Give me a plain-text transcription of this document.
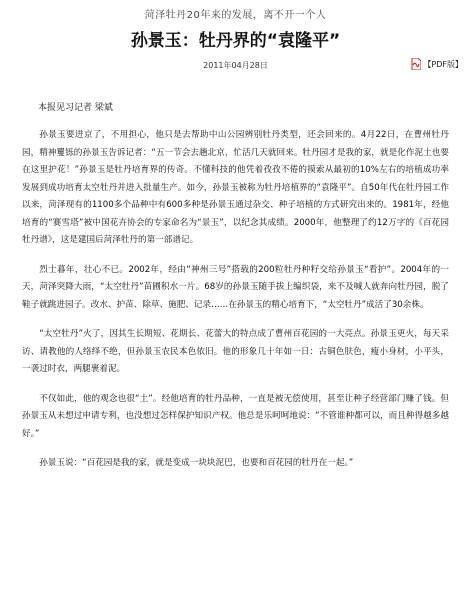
菏泽牡丹20年来的发展，离不开一个人
孙景玉：牡丹界的“袁隆平”
2011年04月28日	【PDF版】
本报见习记者 梁斌

孙景玉要进京了，不用担心，他只是去帮助中山公园辨别牡丹类型，还会回来的。4月22日，在曹州牡丹园，精神矍铄的孙景玉告诉记者：“五一节会去趟北京，忙活几天就回来。牡丹园才是我的家，就是化作泥土也要在这里护花！”孙景玉是牡丹培育界的传奇。不懂科技的他凭着孜孜不倦的摸索从最初的10%左右的培植成功率发展到成功培育太空牡丹并进入批量生产。如今，孙景玉被称为牡丹培植界的“袁隆平”。自50年代在牡丹园工作以来，菏泽现有的1100多个品种中有600多种是孙景玉通过杂交、种子培植的方式研究出来的。1981年，经他培育的“赛雪塔”被中国花卉协会的专家命名为“景玉”，以纪念其成绩。2000年，他整理了约12万字的《百花园牡丹谱》，这是建国后菏泽牡丹的第一部谱记。

烈士暮年，壮心不已。2002年，经由“神州三号”搭载的200粒牡丹种籽交给孙景玉“看护”。2004年的一天，菏泽突降大雨，“太空牡丹”苗圃积水一片。68岁的孙景玉随手拔上编织袋，来不及喊人就奔向牡丹园，脱了鞋子就跳进园子。改水、护苗、除草、施肥、记录……在孙景玉的精心培育下，“太空牡丹”成活了30余株。

“太空牡丹”火了，因其生长期短、花期长、花蕾大的特点成了曹州百花园的一大亮点。孙景玉更火，每天采访、请教他的人络绎不绝，但孙景玉农民本色依旧。他的形象几十年如一日：古铜色肤色，瘦小身材，小平头，一袭过时衣，两腿裹着泥。

不仅如此，他的观念也很“土”。经他培育的牡丹品种，一直是被无偿使用，甚至让种子经营部门赚了钱。但孙景玉从未想过申请专利，也没想过怎样保护知识产权。他总是乐呵呵地说：“不管谁种都可以，而且种得越多越好。”

孙景玉说：“百花园是我的家，就是变成一块块泥巴，也要和百花园的牡丹在一起。”
